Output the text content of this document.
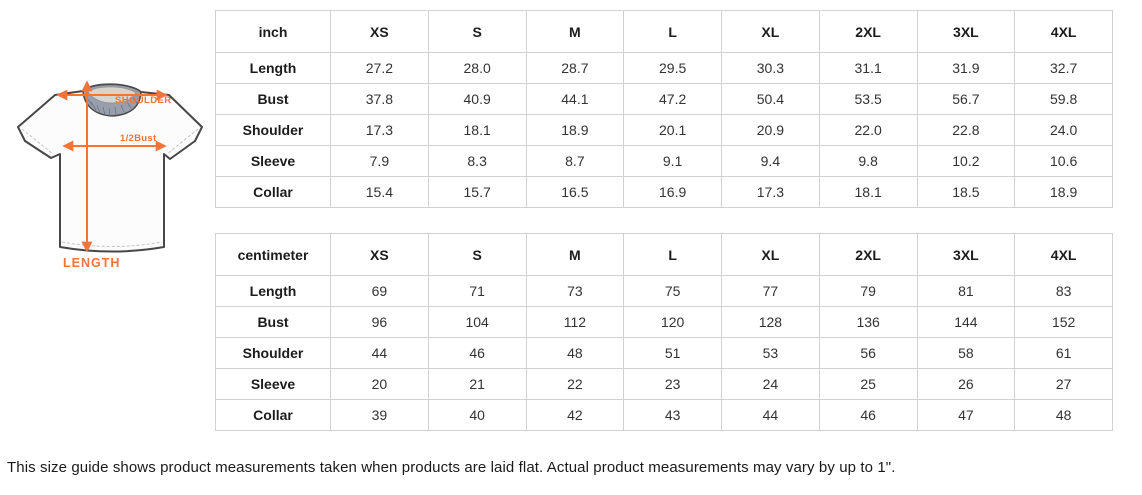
SHOULDER
1/2Bust
LENGTH
inch	XS	S	M	L	XL	2XL	3XL	4XL
Length	27.2	28.0	28.7	29.5	30.3	31.1	31.9	32.7
Bust	37.8	40.9	44.1	47.2	50.4	53.5	56.7	59.8
Shoulder	17.3	18.1	18.9	20.1	20.9	22.0	22.8	24.0
Sleeve	7.9	8.3	8.7	9.1	9.4	9.8	10.2	10.6
Collar	15.4	15.7	16.5	16.9	17.3	18.1	18.5	18.9
centimeter	XS	S	M	L	XL	2XL	3XL	4XL
Length	69	71	73	75	77	79	81	83
Bust	96	104	112	120	128	136	144	152
Shoulder	44	46	48	51	53	56	58	61
Sleeve	20	21	22	23	24	25	26	27
Collar	39	40	42	43	44	46	47	48
This size guide shows product measurements taken when products are laid flat. Actual product measurements may vary by up to 1".
